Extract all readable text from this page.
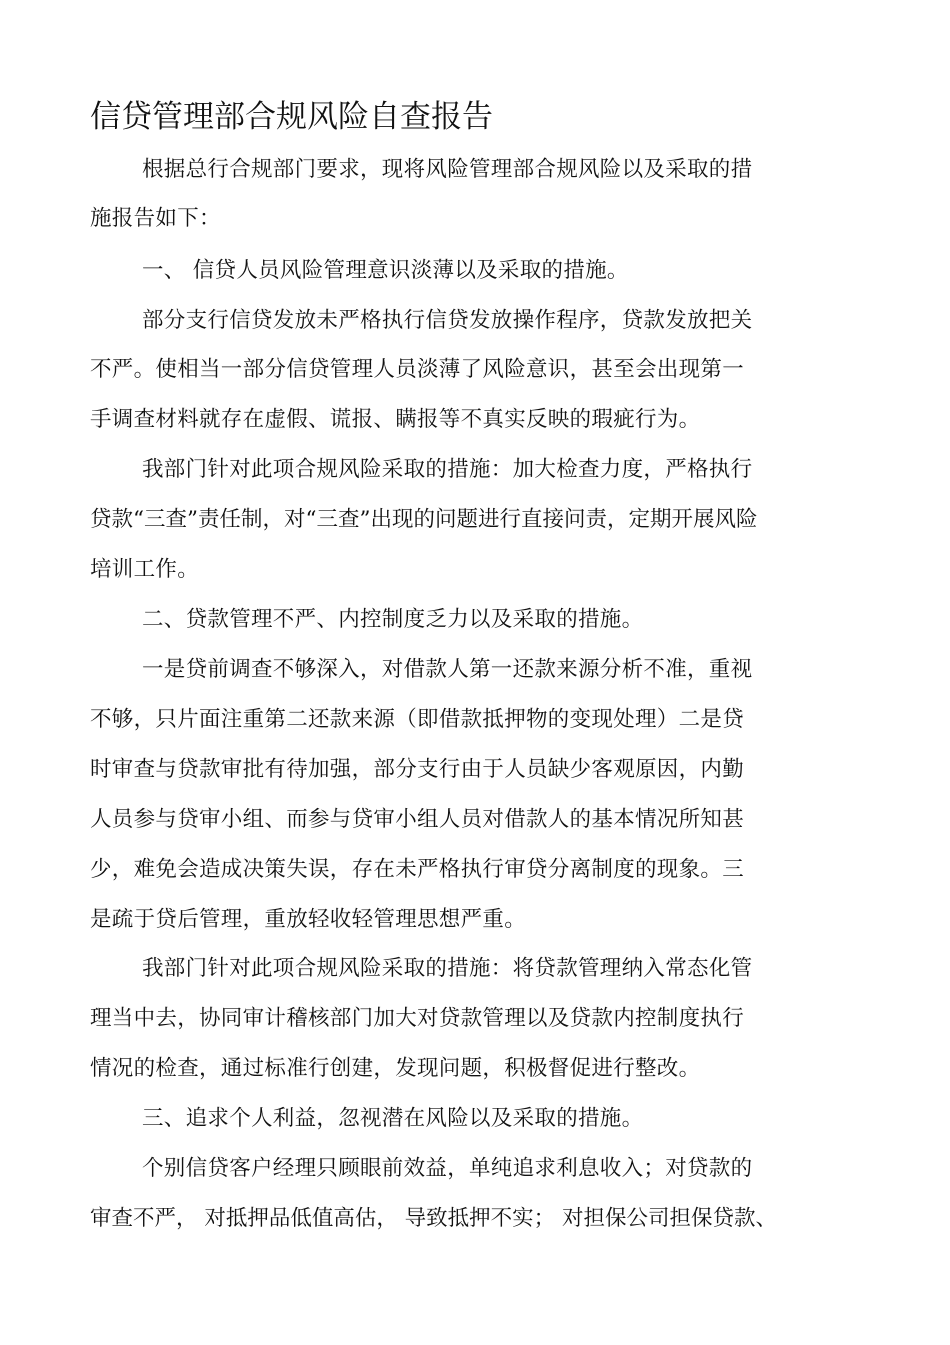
信贷管理部合规风险自查报告
根据总行合规部门要求，现将风险管理部合规风险以及采取的措
施报告如下：
一、 信贷人员风险管理意识淡薄以及采取的措施。
部分支行信贷发放未严格执行信贷发放操作程序，贷款发放把关
不严。使相当一部分信贷管理人员淡薄了风险意识，甚至会出现第一
手调查材料就存在虚假、谎报、瞒报等不真实反映的瑕疵行为。
我部门针对此项合规风险采取的措施：加大检查力度，严格执行
贷款“三查”责任制，对“三查”出现的问题进行直接问责，定期开展风险
培训工作。
二、贷款管理不严、内控制度乏力以及采取的措施。
一是贷前调查不够深入，对借款人第一还款来源分析不准，重视
不够，只片面注重第二还款来源（即借款抵押物的变现处理）二是贷
时审查与贷款审批有待加强，部分支行由于人员缺少客观原因，内勤
人员参与贷审小组、而参与贷审小组人员对借款人的基本情况所知甚
少，难免会造成决策失误，存在未严格执行审贷分离制度的现象。三
是疏于贷后管理，重放轻收轻管理思想严重。
我部门针对此项合规风险采取的措施：将贷款管理纳入常态化管
理当中去，协同审计稽核部门加大对贷款管理以及贷款内控制度执行
情况的检查，通过标准行创建，发现问题，积极督促进行整改。
三、追求个人利益，忽视潜在风险以及采取的措施。
个别信贷客户经理只顾眼前效益，单纯追求利息收入；对贷款的
审查不严， 对抵押品低值高估， 导致抵押不实； 对担保公司担保贷款、
